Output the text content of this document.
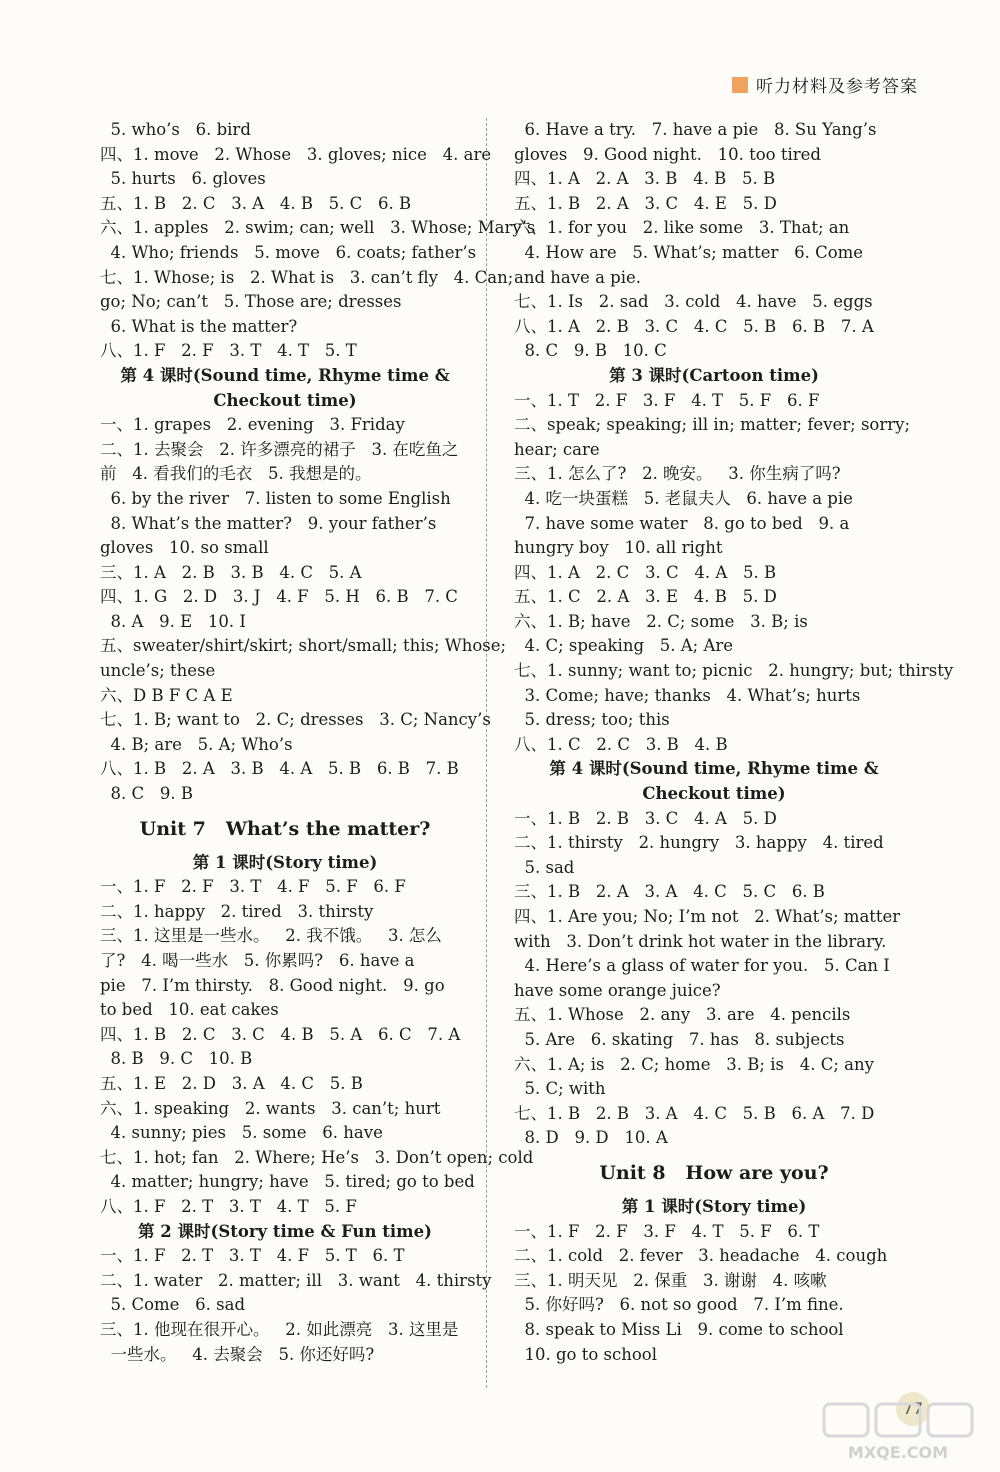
听力材料及参考答案
5. who’s   6. bird
四、1. move   2. Whose   3. gloves; nice   4. are
5. hurts   6. gloves
五、1. B   2. C   3. A   4. B   5. C   6. B
六、1. apples   2. swim; can; well   3. Whose; Mary’s
4. Who; friends   5. move   6. coats; father’s
七、1. Whose; is   2. What is   3. can’t fly   4. Can;
go; No; can’t   5. Those are; dresses
6. What is the matter?
八、1. F   2. F   3. T   4. T   5. T
第 4 课时(Sound time, Rhyme time &
Checkout time)
一、1. grapes   2. evening   3. Friday
二、1. 去聚会   2. 许多漂亮的裙子   3. 在吃鱼之
前   4. 看我们的毛衣   5. 我想是的。
6. by the river   7. listen to some English
8. What’s the matter?   9. your father’s
gloves   10. so small
三、1. A   2. B   3. B   4. C   5. A
四、1. G   2. D   3. J   4. F   5. H   6. B   7. C
8. A   9. E   10. I
五、sweater/shirt/skirt; short/small; this; Whose;
uncle’s; these
六、D B F C A E
七、1. B; want to   2. C; dresses   3. C; Nancy’s
4. B; are   5. A; Who’s
八、1. B   2. A   3. B   4. A   5. B   6. B   7. B
8. C   9. B
Unit 7   What’s the matter?
第 1 课时(Story time)
一、1. F   2. F   3. T   4. F   5. F   6. F
二、1. happy   2. tired   3. thirsty
三、1. 这里是一些水。   2. 我不饿。   3. 怎么
了?   4. 喝一些水   5. 你累吗?   6. have a
pie   7. I’m thirsty.   8. Good night.   9. go
to bed   10. eat cakes
四、1. B   2. C   3. C   4. B   5. A   6. C   7. A
8. B   9. C   10. B
五、1. E   2. D   3. A   4. C   5. B
六、1. speaking   2. wants   3. can’t; hurt
4. sunny; pies   5. some   6. have
七、1. hot; fan   2. Where; He’s   3. Don’t open; cold
4. matter; hungry; have   5. tired; go to bed
八、1. F   2. T   3. T   4. T   5. F
第 2 课时(Story time & Fun time)
一、1. F   2. T   3. T   4. F   5. T   6. T
二、1. water   2. matter; ill   3. want   4. thirsty
5. Come   6. sad
三、1. 他现在很开心。   2. 如此漂亮   3. 这里是
一些水。   4. 去聚会   5. 你还好吗?
6. Have a try.   7. have a pie   8. Su Yang’s
gloves   9. Good night.   10. too tired
四、1. A   2. A   3. B   4. B   5. B
五、1. B   2. A   3. C   4. E   5. D
六、1. for you   2. like some   3. That; an
4. How are   5. What’s; matter   6. Come
and have a pie.
七、1. Is   2. sad   3. cold   4. have   5. eggs
八、1. A   2. B   3. C   4. C   5. B   6. B   7. A
8. C   9. B   10. C
第 3 课时(Cartoon time)
一、1. T   2. F   3. F   4. T   5. F   6. F
二、speak; speaking; ill in; matter; fever; sorry;
hear; care
三、1. 怎么了?   2. 晚安。   3. 你生病了吗?
4. 吃一块蛋糕   5. 老鼠夫人   6. have a pie
7. have some water   8. go to bed   9. a
hungry boy   10. all right
四、1. A   2. C   3. C   4. A   5. B
五、1. C   2. A   3. E   4. B   5. D
六、1. B; have   2. C; some   3. B; is
4. C; speaking   5. A; Are
七、1. sunny; want to; picnic   2. hungry; but; thirsty
3. Come; have; thanks   4. What’s; hurts
5. dress; too; this
八、1. C   2. C   3. B   4. B
第 4 课时(Sound time, Rhyme time &
Checkout time)
一、1. B   2. B   3. C   4. A   5. D
二、1. thirsty   2. hungry   3. happy   4. tired
5. sad
三、1. B   2. A   3. A   4. C   5. C   6. B
四、1. Are you; No; I’m not   2. What’s; matter
with   3. Don’t drink hot water in the library.
4. Here’s a glass of water for you.   5. Can I
have some orange juice?
五、1. Whose   2. any   3. are   4. pencils
5. Are   6. skating   7. has   8. subjects
六、1. A; is   2. C; home   3. B; is   4. C; any
5. C; with
七、1. B   2. B   3. A   4. C   5. B   6. A   7. D
8. D   9. D   10. A
Unit 8   How are you?
第 1 课时(Story time)
一、1. F   2. F   3. F   4. T   5. F   6. T
二、1. cold   2. fever   3. headache   4. cough
三、1. 明天见   2. 保重   3. 谢谢   4. 咳嗽
5. 你好吗?   6. not so good   7. I’m fine.
8. speak to Miss Li   9. come to school
10. go to school
77
MXQE.COM
